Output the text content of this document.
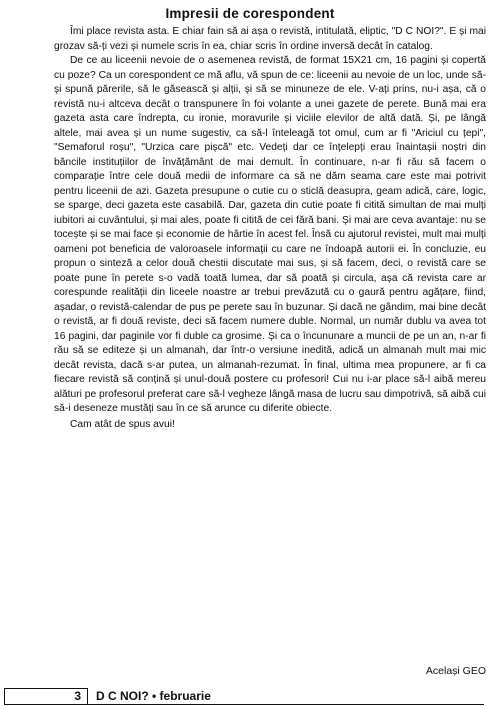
Impresii de corespondent

Îmi place revista asta. E chiar fain să ai așa o revistă, intitulată, eliptic, "D C NOI?". E și mai grozav să-ți vezi și numele scris în ea, chiar scris în ordine inversă decât în catalog.

De ce au liceenii nevoie de o asemenea revistă, de format 15X21 cm, 16 pagini și copertă cu poze? Ca un corespondent ce mă aflu, vă spun de ce: liceenii au nevoie de un loc, unde să-și spună părerile, să le găsească și alții, și să se minuneze de ele. V-ați prins, nu-i așa, că o revistă nu-i altceva decât o transpunere în foi volante a unei gazete de perete. Bună mai era gazeta asta care îndrepta, cu ironie, moravurile și viciile elevilor de altă dată. Și, pe lângă altele, mai avea și un nume sugestiv, ca să-l înteleagă tot omul, cum ar fi "Ariciul cu țepi", "Semaforul roșu", "Urzica care pișcă" etc. Vedeți dar ce înțelepți erau înaintașii noștri din băncile instituțiilor de învățământ de mai demult. În continuare, n-ar fi rău să facem o comparație între cele două medii de informare ca să ne dăm seama care este mai potrivit pentru liceenii de azi. Gazeta presupune o cutie cu o sticlă deasupra, geam adică, care, logic, se sparge, deci gazeta este casabilă. Dar, gazeta din cutie poate fi citită simultan de mai mulți iubitori ai cuvântului, și mai ales, poate fi citită de cei fără bani. Și mai are ceva avantaje: nu se tocește și se mai face și economie de hârtie în acest fel. Însă cu ajutorul revistei, mult mai mulți oameni pot beneficia de valoroasele informații cu care ne îndoapă autorii ei. În concluzie, eu propun o sinteză a celor două chestii discutate mai sus, și să facem, deci, o revistă care se poate pune în perete s-o vadă toată lumea, dar să poată și circula, așa că revista care ar corespunde realității din liceele noastre ar trebui prevăzută cu o gaură pentru agățare, fiind, așadar, o revistă-calendar de pus pe perete sau în buzunar. Și dacă ne gândim, mai bine decât o revistă, ar fi două reviste, deci să facem numere duble. Normal, un număr dublu va avea tot 16 pagini, dar paginile vor fi duble ca grosime. Și ca o încununare a muncii de pe un an, n-ar fi rău să se editeze și un almanah, dar într-o versiune inedită, adică un almanah mult mai mic decât revista, dacă s-ar putea, un almanah-rezumat. În final, ultima mea propunere, ar fi ca fiecare revistă să conțină și unul-două postere cu profesori! Cui nu i-ar place să-l aibă mereu alături pe profesorul preferat care să-l vegheze lângă masa de lucru sau dimpotrivă, să aibă cui să-i deseneze mustăți sau în ce să arunce cu diferite obiecte.

Cam atât de spus avui!

Același GEO
3	D C NOI? • februarie
